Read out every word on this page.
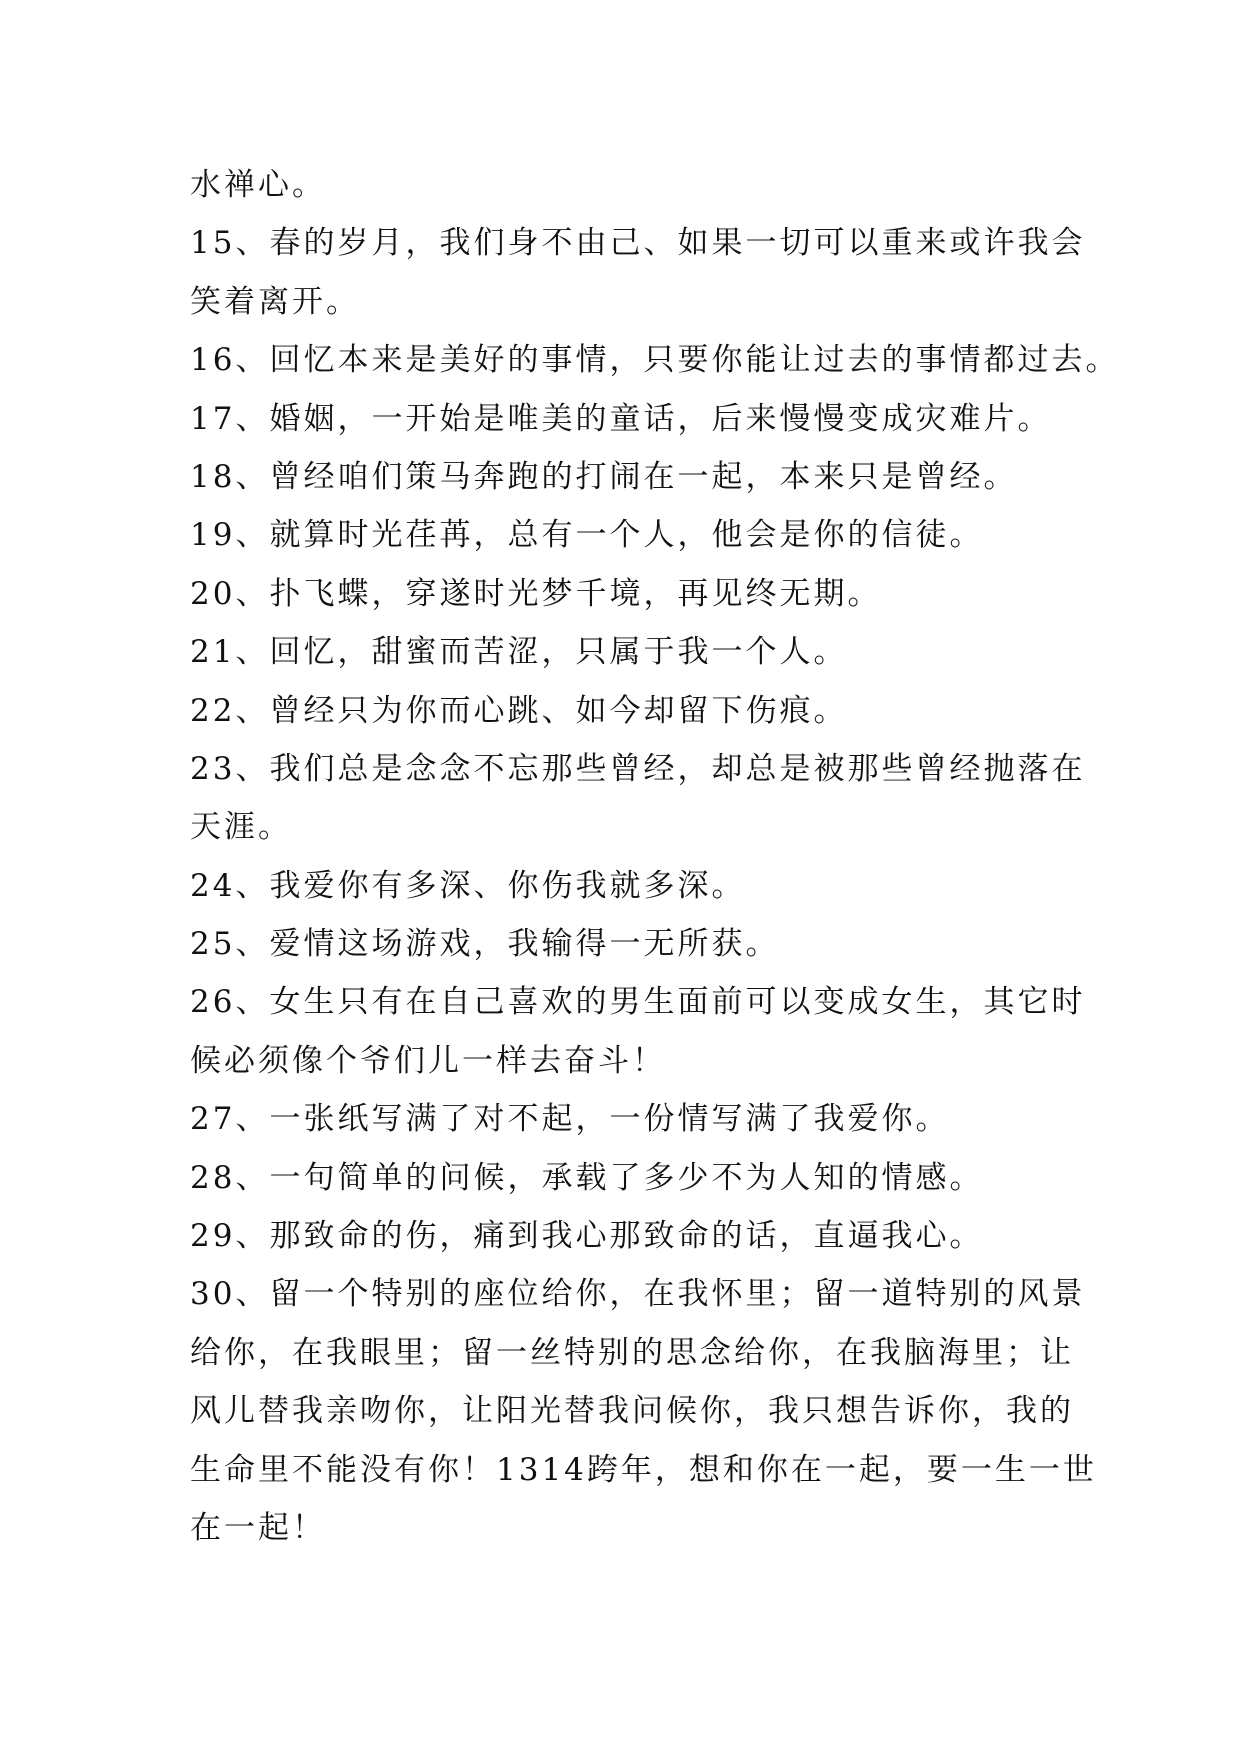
水禅心。
15、春的岁月，我们身不由己、如果一切可以重来或许我会
笑着离开。
16、回忆本来是美好的事情，只要你能让过去的事情都过去。
17、婚姻，一开始是唯美的童话，后来慢慢变成灾难片。
18、曾经咱们策马奔跑的打闹在一起，本来只是曾经。
19、就算时光荏苒，总有一个人，他会是你的信徒。
20、扑飞蝶，穿遂时光梦千境，再见终无期。
21、回忆，甜蜜而苦涩，只属于我一个人。
22、曾经只为你而心跳、如今却留下伤痕。
23、我们总是念念不忘那些曾经，却总是被那些曾经抛落在
天涯。
24、我爱你有多深、你伤我就多深。
25、爱情这场游戏，我输得一无所获。
26、女生只有在自己喜欢的男生面前可以变成女生，其它时
候必须像个爷们儿一样去奋斗！
27、一张纸写满了对不起，一份情写满了我爱你。
28、一句简单的问候，承载了多少不为人知的情感。
29、那致命的伤，痛到我心那致命的话，直逼我心。
30、留一个特别的座位给你，在我怀里；留一道特别的风景
给你，在我眼里；留一丝特别的思念给你，在我脑海里；让
风儿替我亲吻你，让阳光替我问候你，我只想告诉你，我的
生命里不能没有你！1314跨年，想和你在一起，要一生一世
在一起！
